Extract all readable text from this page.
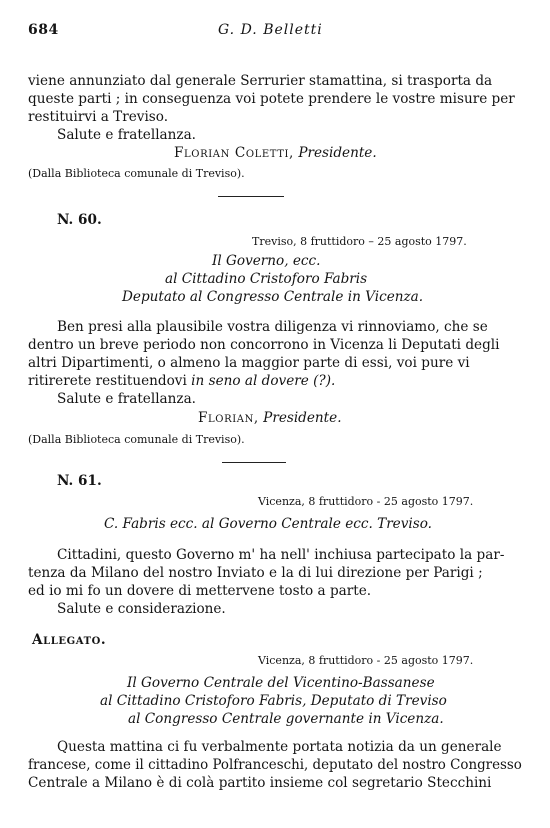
684	G. D. Belletti
viene annunziato dal generale Serrurier stamattina, si trasporta da
queste parti ; in conseguenza voi potete prendere le vostre misure per
restituirvi a Treviso.
Salute e fratellanza.
Florian Coletti, Presidente.
(Dalla Biblioteca comunale di Treviso).
N. 60.
Treviso, 8 fruttidoro – 25 agosto 1797.
Il Governo, ecc.
al Cittadino Cristoforo Fabris
Deputato al Congresso Centrale in Vicenza.
Ben presi alla plausibile vostra diligenza vi rinnoviamo, che se
dentro un breve periodo non concorrono in Vicenza li Deputati degli
altri Dipartimenti, o almeno la maggior parte di essi, voi pure vi
ritirerete restituendovi in seno al dovere (?).
Salute e fratellanza.
Florian, Presidente.
(Dalla Biblioteca comunale di Treviso).
N. 61.
Vicenza, 8 fruttidoro - 25 agosto 1797.
C. Fabris ecc. al Governo Centrale ecc. Treviso.
Cittadini, questo Governo m' ha nell' inchiusa partecipato la par-
tenza da Milano del nostro Inviato e la di lui direzione per Parigi ;
ed io mi fo un dovere di mettervene tosto a parte.
Salute e considerazione.
Allegato.
Vicenza, 8 fruttidoro - 25 agosto 1797.
Il Governo Centrale del Vicentino-Bassanese
al Cittadino Cristoforo Fabris, Deputato di Treviso
al Congresso Centrale governante in Vicenza.
Questa mattina ci fu verbalmente portata notizia da un generale
francese, come il cittadino Polfranceschi, deputato del nostro Congresso
Centrale a Milano è di colà partito insieme col segretario Stecchini
